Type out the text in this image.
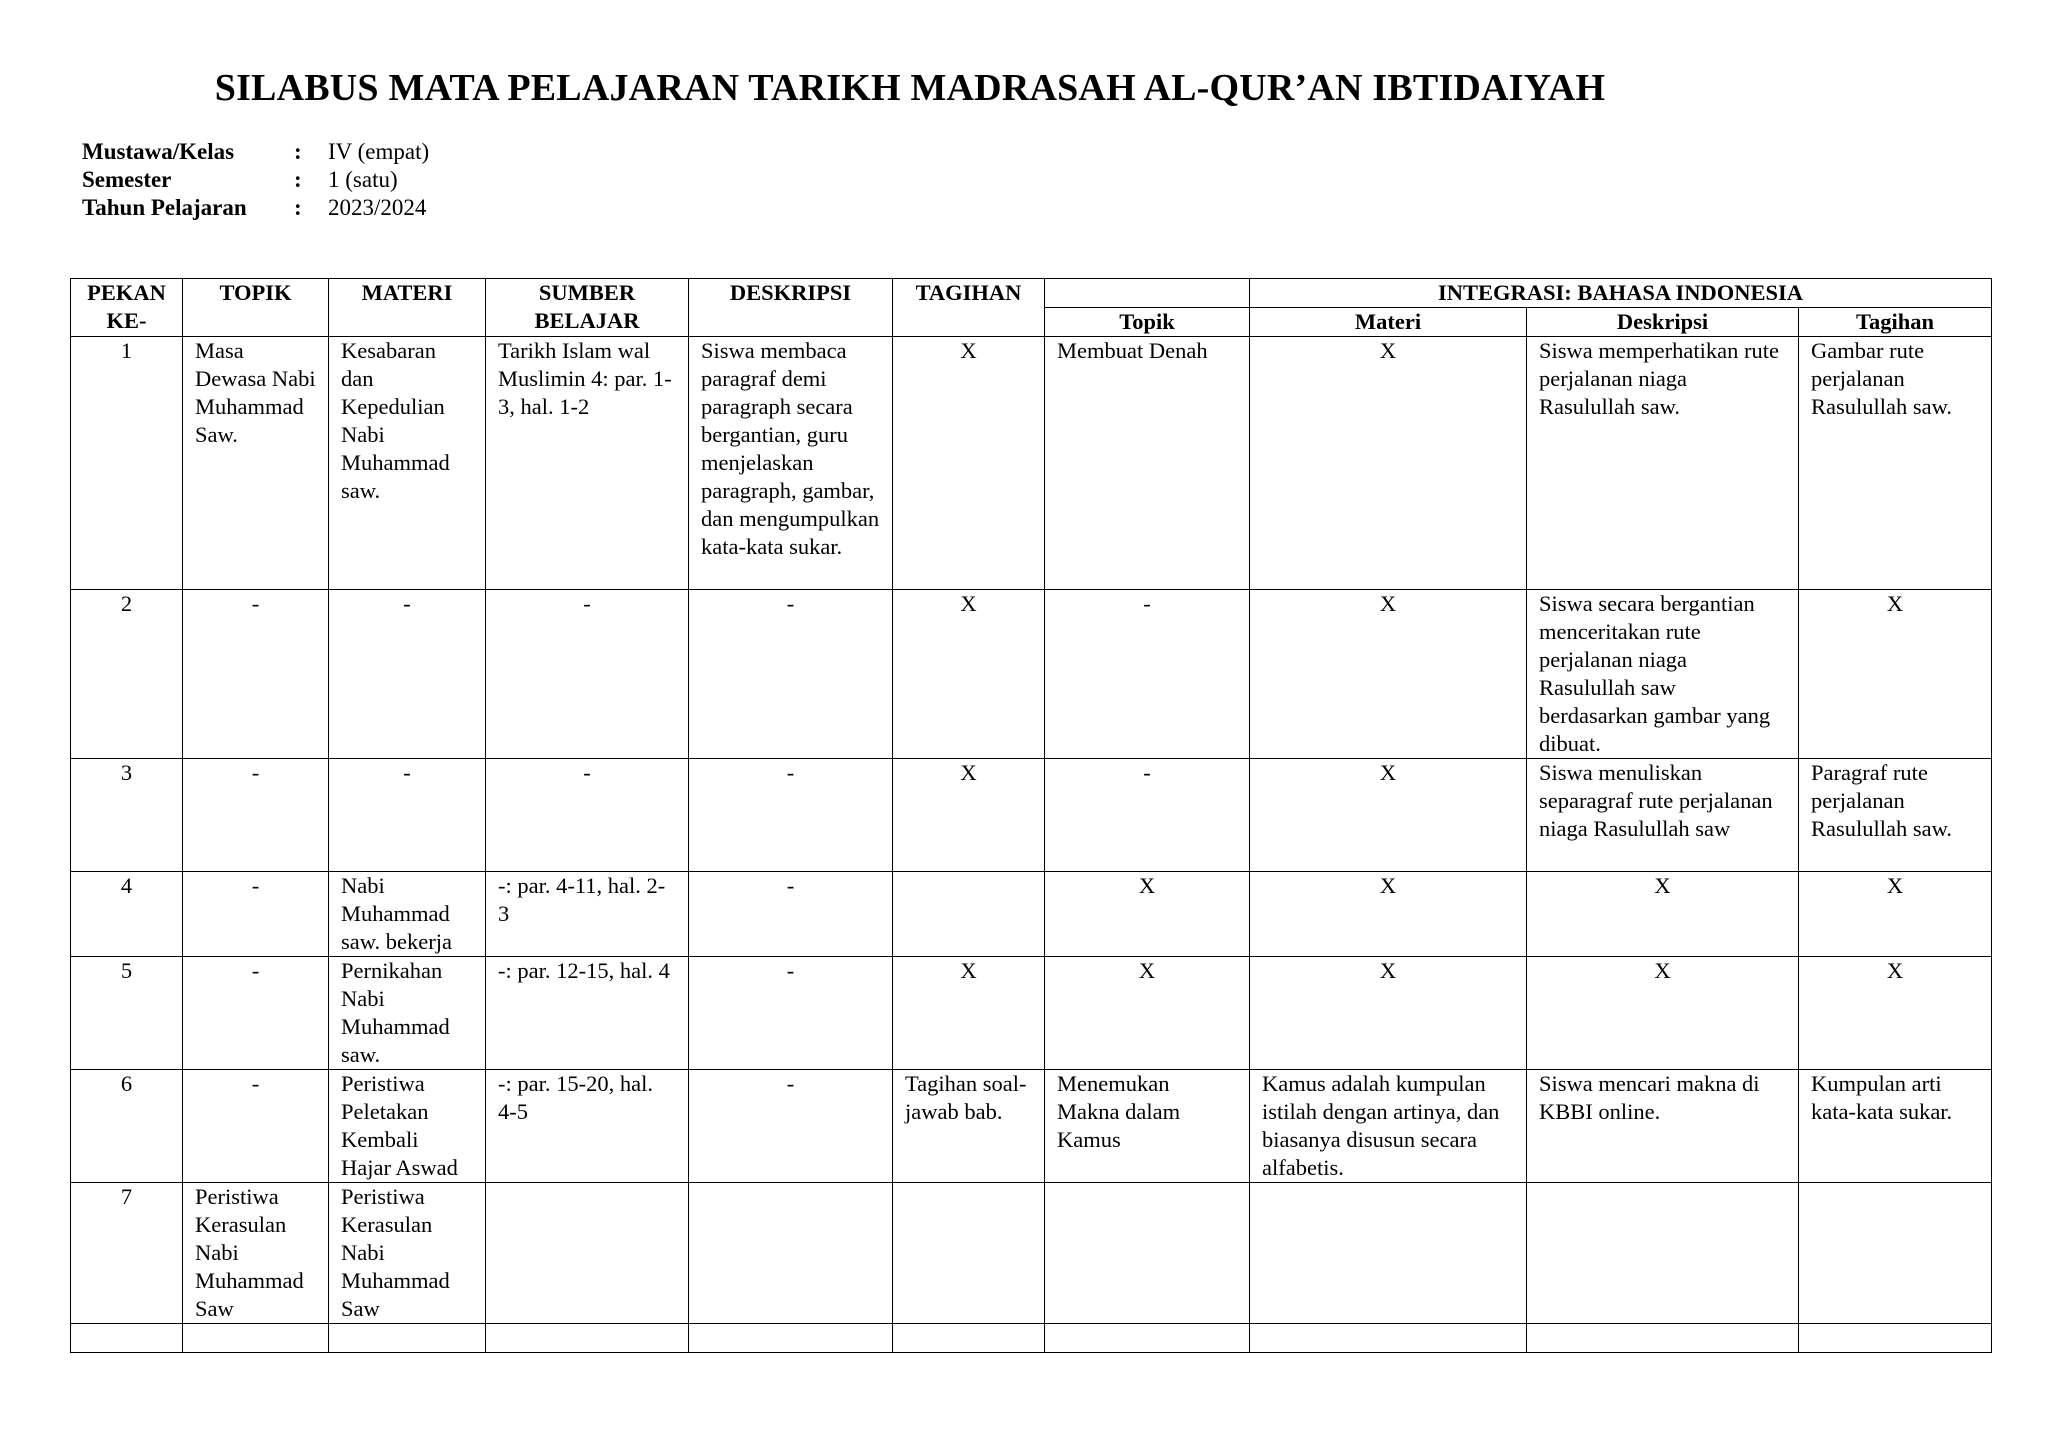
SILABUS MATA PELAJARAN TARIKH MADRASAH AL-QUR’AN IBTIDAIYAH
Mustawa/Kelas	:	IV (empat)
Semester	:	1 (satu)
Tahun Pelajaran	:	2023/2024
PEKAN KE-	TOPIK	MATERI	SUMBER BELAJAR	DESKRIPSI	TAGIHAN		INTEGRASI: BAHASA INDONESIA		
						Topik	Materi	Deskripsi	Tagihan
1	Masa Dewasa Nabi Muhammad Saw.	Kesabaran dan Kepedulian Nabi Muhammad saw.	Tarikh Islam wal Muslimin 4: par. 1-3, hal. 1-2	Siswa membaca paragraf demi paragraph secara bergantian, guru menjelaskan paragraph, gambar, dan mengumpulkan kata-kata sukar.	X	Membuat Denah	X	Siswa memperhatikan rute perjalanan niaga Rasulullah saw.	Gambar rute perjalanan Rasulullah saw.
2	-	-	-	-	X	-	X	Siswa secara bergantian menceritakan rute perjalanan niaga Rasulullah saw berdasarkan gambar yang dibuat.	X
3	-	-	-	-	X	-	X	Siswa menuliskan separagraf rute perjalanan niaga Rasulullah saw	Paragraf rute perjalanan Rasulullah saw.
4	-	Nabi Muhammad saw. bekerja	-: par. 4-11, hal. 2-3	-		X	X	X	X
5	-	Pernikahan Nabi Muhammad saw.	-: par. 12-15, hal. 4	-	X	X	X	X	X
6	-	Peristiwa Peletakan Kembali Hajar Aswad	-: par. 15-20, hal. 4-5	-	Tagihan soal-jawab bab.	Menemukan Makna dalam Kamus	Kamus adalah kumpulan istilah dengan artinya, dan biasanya disusun secara alfabetis.	Siswa mencari makna di KBBI online.	Kumpulan arti kata-kata sukar.
7	Peristiwa Kerasulan Nabi Muhammad Saw	Peristiwa Kerasulan Nabi Muhammad Saw							
